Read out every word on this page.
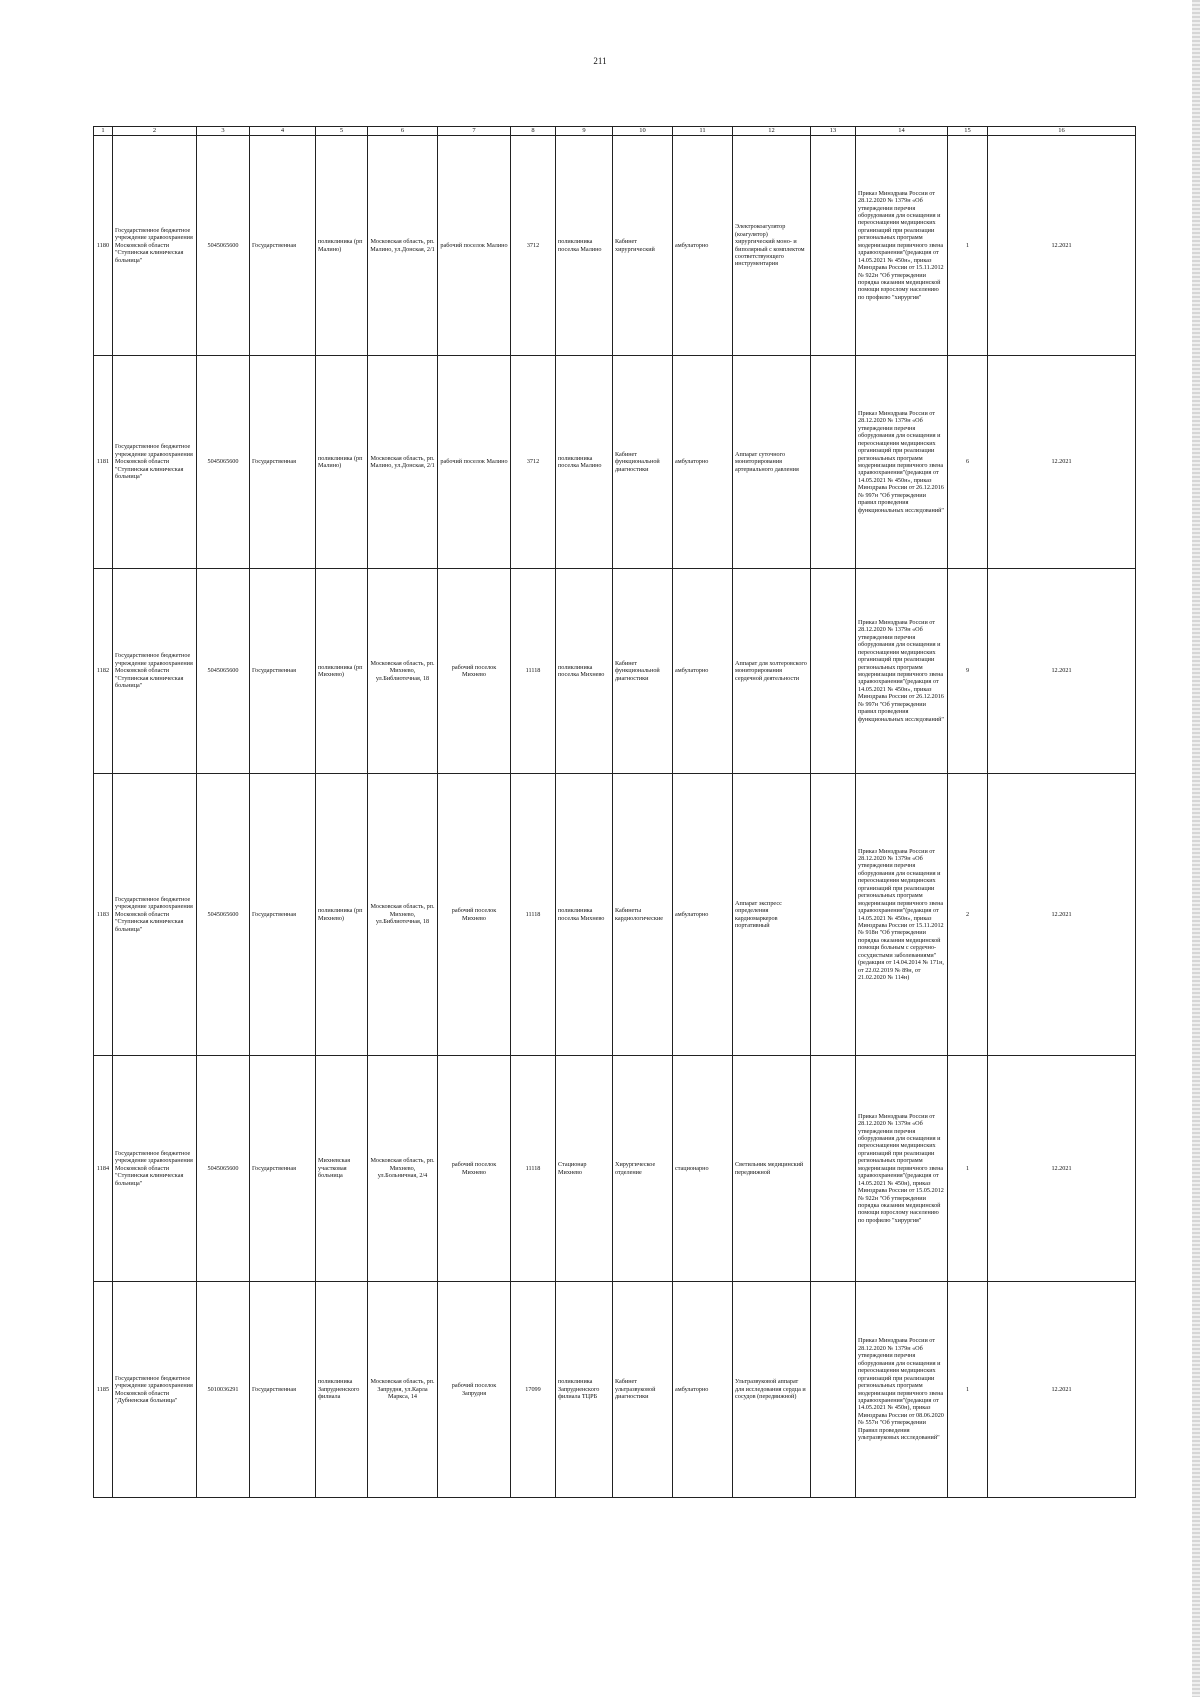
211
1	2	3	4	5	6	7	8	9	10	11	12	13	14	15	16
1180	Государственное бюджетное учреждение здравоохранения Московской области "Ступинская клиническая больница"	5045065600	Государственная	поликлиника (рп Малино)	Московская область, рп. Малино, ул.Донская, 2/1	рабочий поселок Малино	3712	поликлиника поселка Малино	Кабинет хирургический	амбулаторно	Электрокоагулятор (коагулятор) хирургический моно- и биполярный с комплектом соответствующего инструментария		Приказ Минздрава России от 28.12.2020 № 1379н «Об утверждении перечня оборудования для оснащения и переоснащения медицинских организаций при реализации региональных программ модернизации первичного звена здравоохранения"(редакция от 14.05.2021 № 450н», приказ Минздрава России от 15.11.2012 № 922н "Об утверждении порядка оказания медицинской помощи взрослому населению по профилю "хирургия"	1	12.2021
1181	Государственное бюджетное учреждение здравоохранения Московской области "Ступинская клиническая больница"	5045065600	Государственная	поликлиника (рп Малино)	Московская область, рп. Малино, ул.Донская, 2/1	рабочий поселок Малино	3712	поликлиника поселка Малино	Кабинет функциональной диагностики	амбулаторно	Аппарат суточного мониторирования артериального давления		Приказ Минздрава России от 28.12.2020 № 1379н «Об утверждении перечня оборудования для оснащения и переоснащения медицинских организаций при реализации региональных программ модернизации первичного звена здравоохранения"(редакция от 14.05.2021 № 450н», приказ Минздрава России от 26.12.2016 № 997н "Об утверждении правил проведения функциональных исследований"	6	12.2021
1182	Государственное бюджетное учреждение здравоохранения Московской области "Ступинская клиническая больница"	5045065600	Государственная	поликлиника (рп Михнево)	Московская область, рп. Михнево, ул.Библиотечная, 18	рабочий поселок Михнево	11118	поликлиника поселка Михнево	Кабинет функциональной диагностики	амбулаторно	Аппарат для холтеровского мониторирования сердечной деятельности		Приказ Минздрава России от 28.12.2020 № 1379н «Об утверждении перечня оборудования для оснащения и переоснащения медицинских организаций при реализации региональных программ модернизации первичного звена здравоохранения"(редакция от 14.05.2021 № 450н», приказ Минздрава России от 26.12.2016 № 997н "Об утверждении правил проведения функциональных исследований"	9	12.2021
1183	Государственное бюджетное учреждение здравоохранения Московской области "Ступинская клиническая больница"	5045065600	Государственная	поликлиника (рп Михнево)	Московская область, рп. Михнево, ул.Библиотечная, 18	рабочий поселок Михнево	11118	поликлиника поселка Михнево	Кабинеты кардиологические	амбулаторно	Аппарат экспресс определения кардиомаркеров портативный		Приказ Минздрава России от 28.12.2020 № 1379н «Об утверждении перечня оборудования для оснащения и переоснащения медицинских организаций при реализации региональных программ модернизации первичного звена здравоохранения"(редакция от 14.05.2021 № 450н», приказ Минздрава России от 15.11.2012 № 918н "Об утверждении порядка оказания медицинской помощи больным с сердечно-сосудистыми заболеваниями" (редакция от 14.04.2014 № 171н, от 22.02.2019 № 89н, от 21.02.2020 № 114н)	2	12.2021
1184	Государственное бюджетное учреждение здравоохранения Московской области "Ступинская клиническая больница"	5045065600	Государственная	Михневская участковая больница	Московская область, рп. Михнево, ул.Больничная, 2/4	рабочий поселок Михнево	11118	Стационар Михнево	Хирургическое отделение	стационарно	Светильник медицинский передвижной		Приказ Минздрава России от 28.12.2020 № 1379н «Об утверждении перечня оборудования для оснащения и переоснащения медицинских организаций при реализации региональных программ модернизации первичного звена здравоохранения"(редакция от 14.05.2021 № 450н), приказ Минздрава России от 15.05.2012 № 922н "Об утверждении порядка оказания медицинской помощи взрослому населению по профилю "хирургия"	1	12.2021
1185	Государственное бюджетное учреждение здравоохранения Московской области "Дубненская больница"	5010036291	Государственная	поликлиника Запрудненского филиала	Московская область, рп. Запрудня, ул.Карла Маркса, 14	рабочий поселок Запрудня	17099	поликлиника Запрудненского филиала ТЦРБ	Кабинет ультразвуковой диагностики	амбулаторно	Ультразвуковой аппарат для исследования сердца и сосудов (передвижной)		Приказ Минздрава России от 28.12.2020 № 1379н «Об утверждении перечня оборудования для оснащения и переоснащения медицинских организаций при реализации региональных программ модернизации первичного звена здравоохранения"(редакция от 14.05.2021 № 450н), приказ Минздрава России от 08.06.2020 № 557н "Об утверждении Правил проведения ультразвуковых исследований"	1	12.2021
